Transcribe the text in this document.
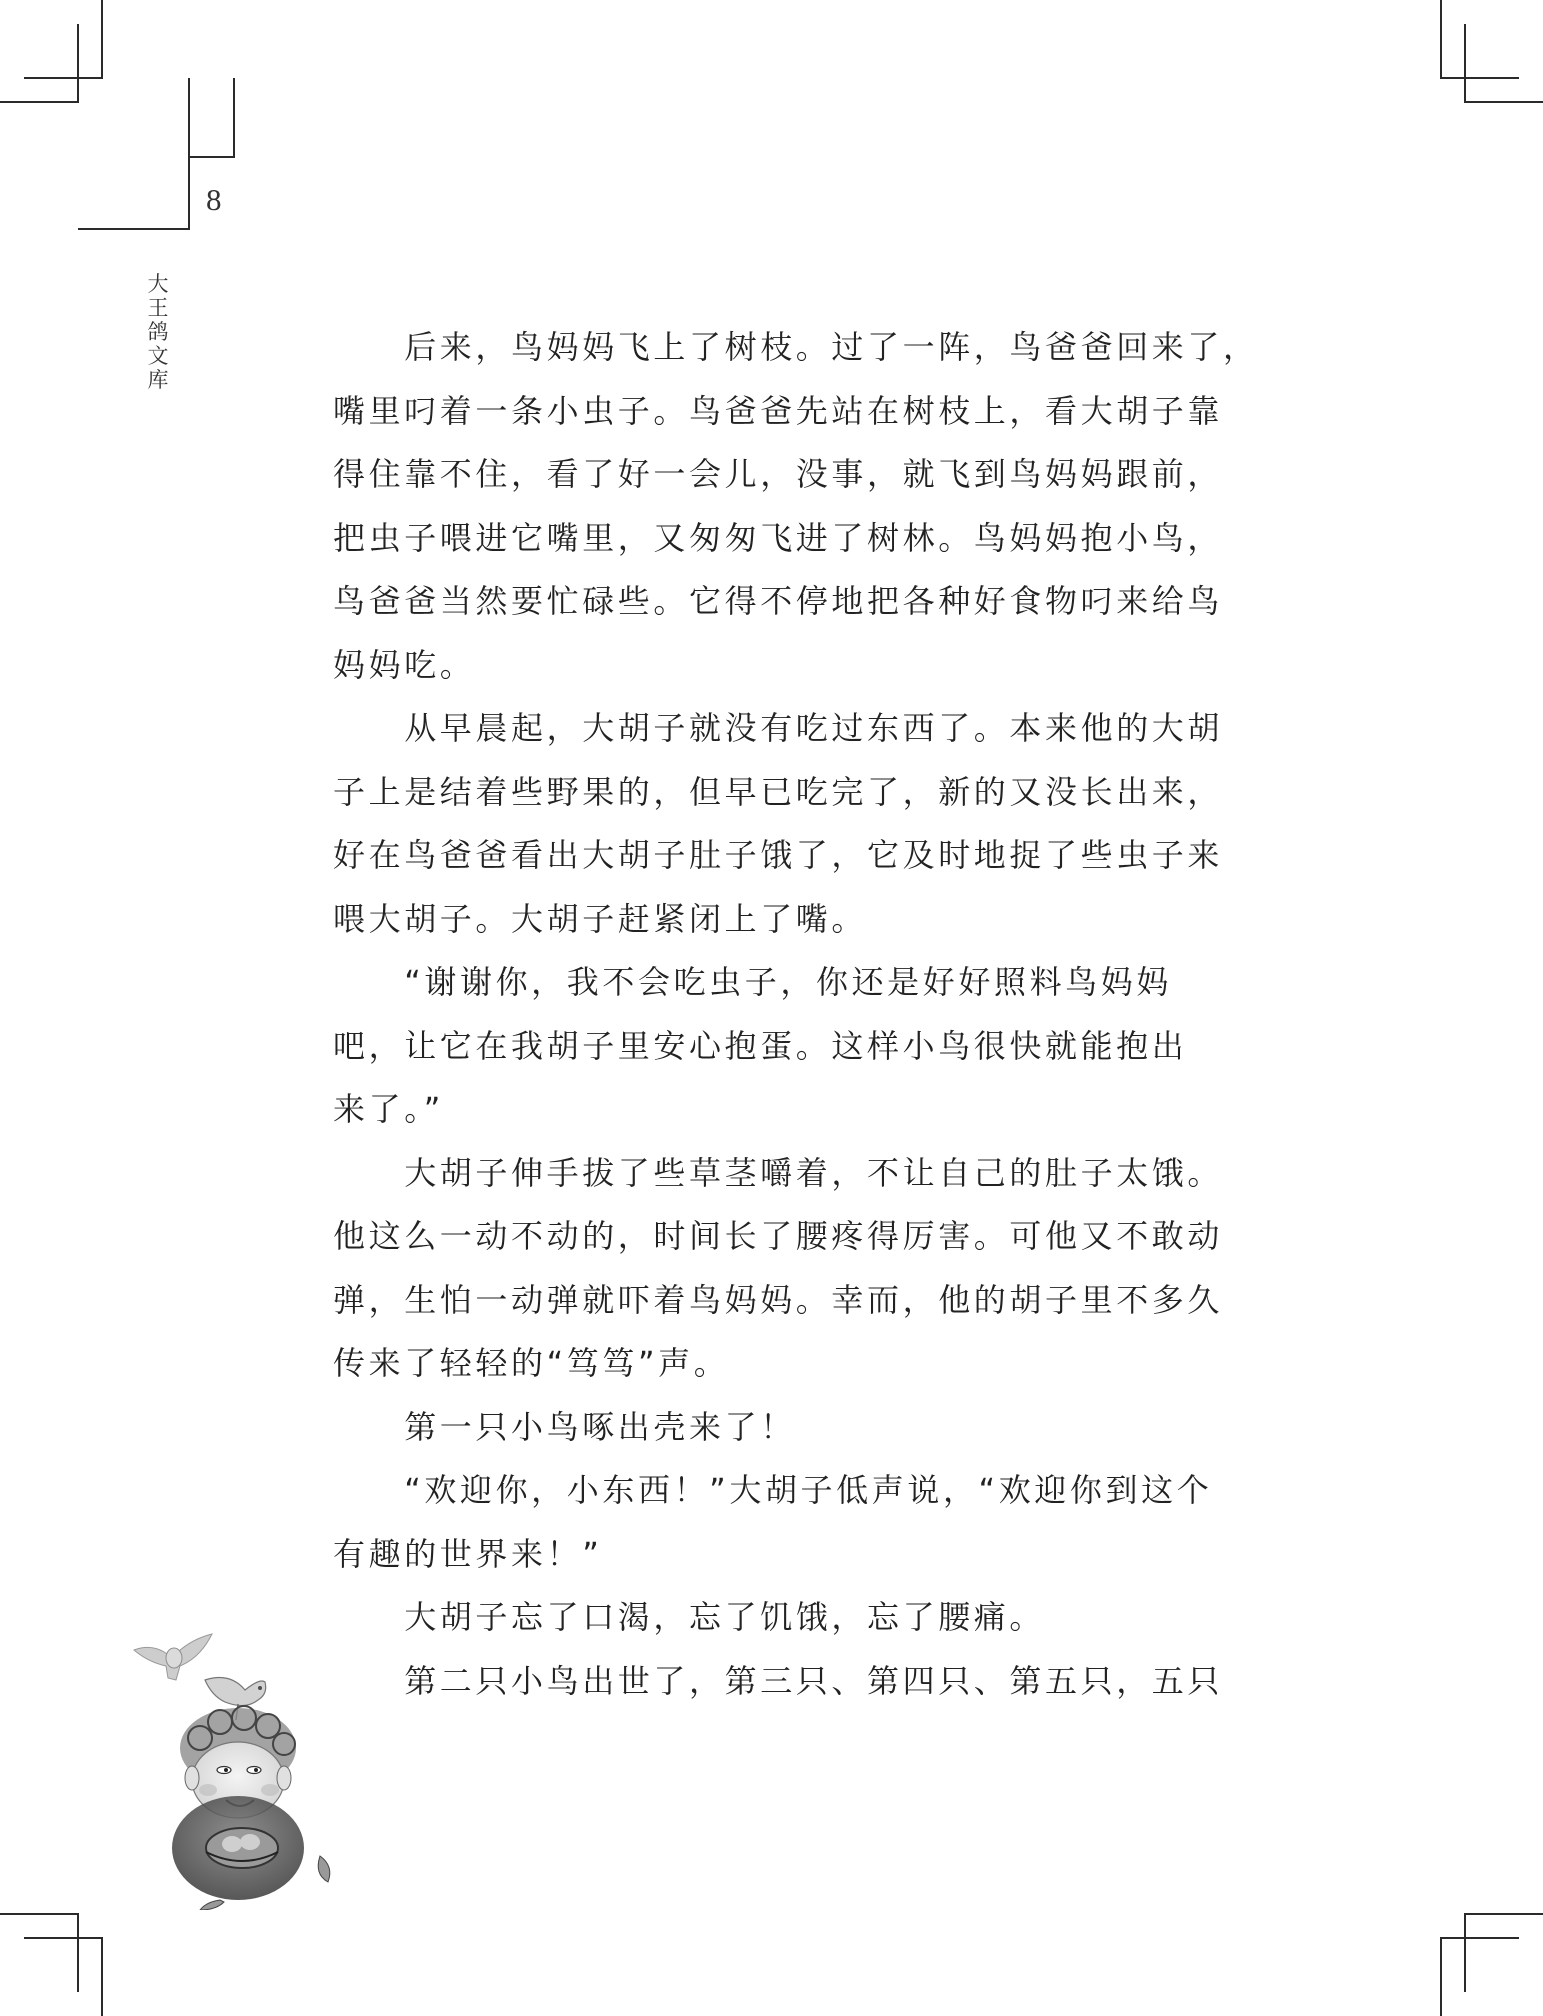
8
大
王
鸽
文
库
　　后来，鸟妈妈飞上了树枝。过了一阵，鸟爸爸回来了，
嘴里叼着一条小虫子。鸟爸爸先站在树枝上，看大胡子靠
得住靠不住，看了好一会儿，没事，就飞到鸟妈妈跟前，
把虫子喂进它嘴里，又匆匆飞进了树林。鸟妈妈抱小鸟，
鸟爸爸当然要忙碌些。它得不停地把各种好食物叼来给鸟
妈妈吃。
　　从早晨起，大胡子就没有吃过东西了。本来他的大胡
子上是结着些野果的，但早已吃完了，新的又没长出来，
好在鸟爸爸看出大胡子肚子饿了，它及时地捉了些虫子来
喂大胡子。大胡子赶紧闭上了嘴。
　　“谢谢你，我不会吃虫子，你还是好好照料鸟妈妈
吧，让它在我胡子里安心抱蛋。这样小鸟很快就能抱出
来了。”
　　大胡子伸手拔了些草茎嚼着，不让自己的肚子太饿。
他这么一动不动的，时间长了腰疼得厉害。可他又不敢动
弹，生怕一动弹就吓着鸟妈妈。幸而，他的胡子里不多久
传来了轻轻的“笃笃”声。
　　第一只小鸟啄出壳来了！
　　“欢迎你，小东西！”大胡子低声说，“欢迎你到这个
有趣的世界来！”
　　大胡子忘了口渴，忘了饥饿，忘了腰痛。
　　第二只小鸟出世了，第三只、第四只、第五只，五只
